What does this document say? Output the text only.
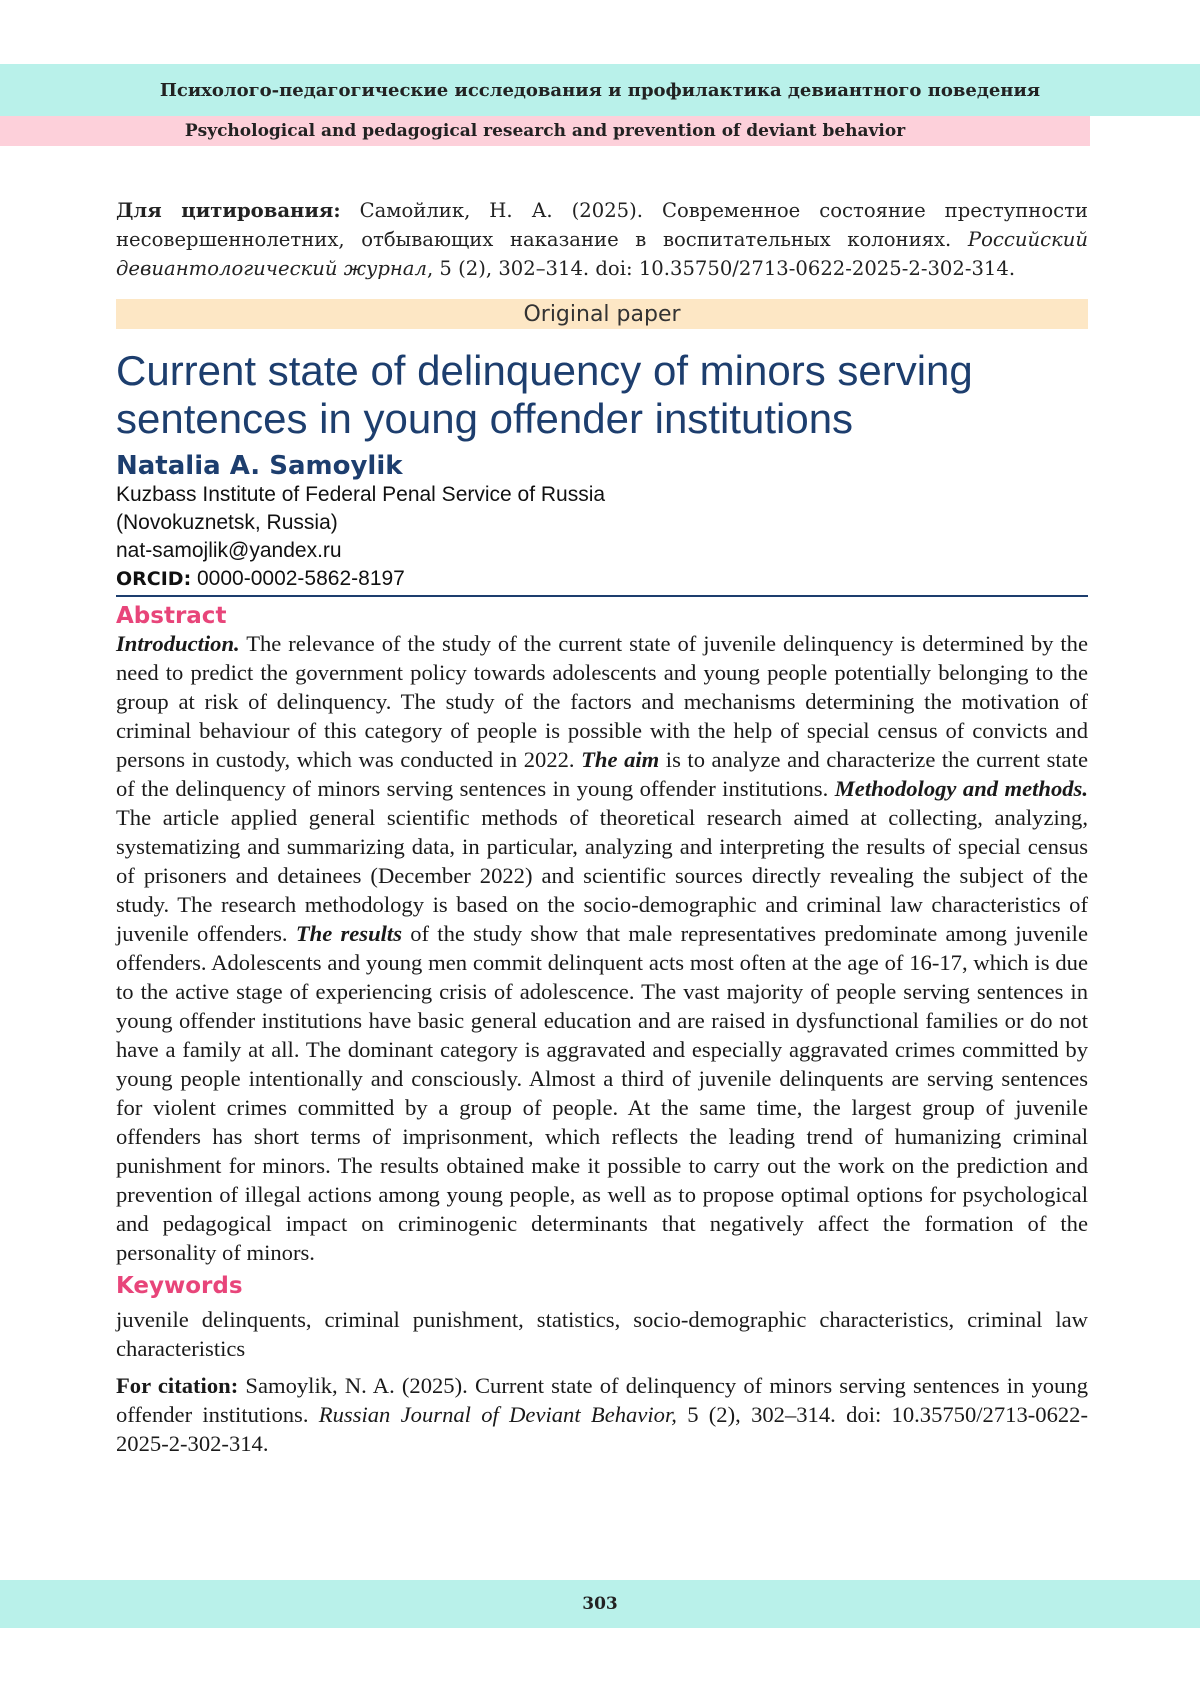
Психолого-педагогические исследования и профилактика девиантного поведения
Psychological and pedagogical research and prevention of deviant behavior

Для цитирования: Самойлик, Н. А. (2025). Современное состояние преступности несовершеннолетних, отбывающих наказание в воспитательных колониях. Российский девиантологический журнал, 5 (2), 302–314. doi: 10.35750/2713-0622-2025-2-302-314.

Original paper
Current state of delinquency of minors serving sentences in young offender institutions
Natalia A. Samoylik
Kuzbass Institute of Federal Penal Service of Russia
(Novokuznetsk, Russia)
nat-samojlik@yandex.ru
ORCID: 0000-0002-5862-8197
Abstract

Introduction. The relevance of the study of the current state of juvenile delinquency is determined by the need to predict the government policy towards adolescents and young people potentially belonging to the group at risk of delinquency. The study of the factors and mechanisms determining the motivation of criminal behaviour of this category of people is possible with the help of special census of convicts and persons in custody, which was conducted in 2022. The aim is to analyze and characterize the current state of the delinquency of minors serving sentences in young offender institutions. Methodology and methods. The article applied general scientific methods of theoretical research aimed at collecting, analyzing, systematizing and summarizing data, in particular, analyzing and interpreting the results of special census of prisoners and detainees (December 2022) and scientific sources directly revealing the subject of the study. The research methodology is based on the socio-demographic and criminal law characteristics of juvenile offenders. The results of the study show that male representatives predominate among juvenile offenders. Adolescents and young men commit delinquent acts most often at the age of 16-17, which is due to the active stage of experiencing crisis of adolescence. The vast majority of people serving sentences in young offender institutions have basic general education and are raised in dysfunctional families or do not have a family at all. The dominant category is aggravated and especially aggravated crimes committed by young people intentionally and consciously. Almost a third of juvenile delinquents are serving sentences for violent crimes committed by a group of people. At the same time, the largest group of juvenile offenders has short terms of imprisonment, which reflects the leading trend of humanizing criminal punishment for minors. The results obtained make it possible to carry out the work on the prediction and prevention of illegal actions among young people, as well as to propose optimal options for psychological and pedagogical impact on criminogenic determinants that negatively affect the formation of the personality of minors.

Keywords

juvenile delinquents, criminal punishment, statistics, socio-demographic characteristics, criminal law characteristics

For citation: Samoylik, N. A. (2025). Current state of delinquency of minors serving sentences in young offender institutions. Russian Journal of Deviant Behavior, 5 (2), 302–314. doi: 10.35750/2713-0622-2025-2-302-314.

303
